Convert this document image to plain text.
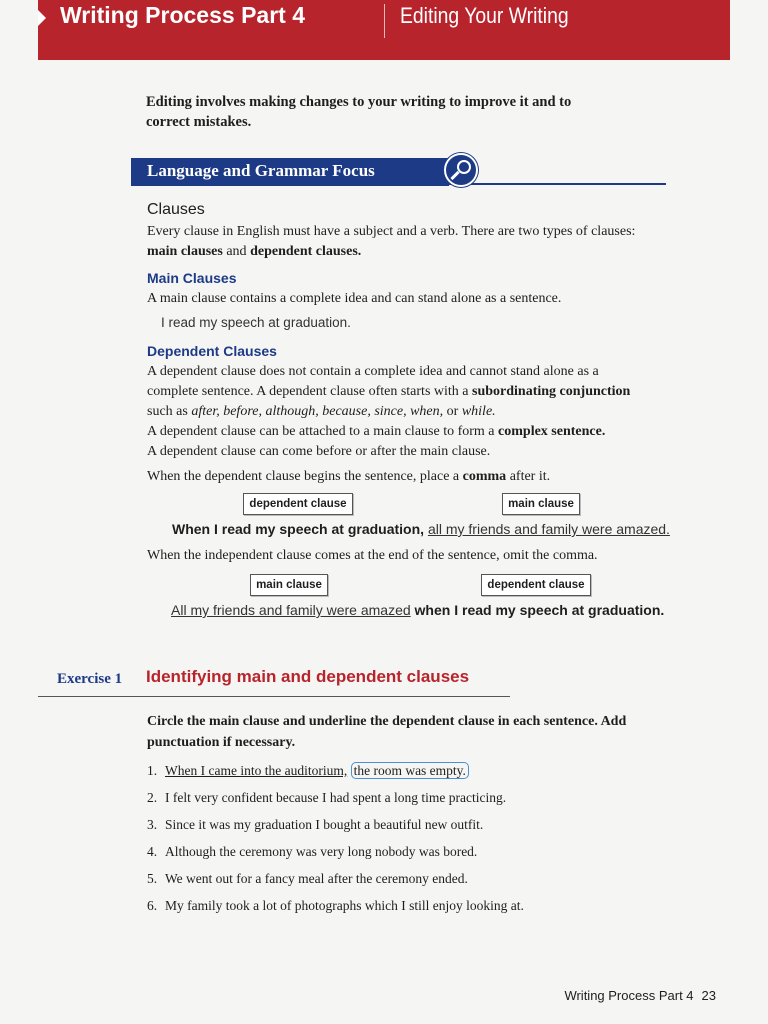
Writing Process Part 4	Editing Your Writing
Editing involves making changes to your writing to improve it and to correct mistakes.
Language and Grammar Focus
Clauses
Every clause in English must have a subject and a verb. There are two types of clauses: main clauses and dependent clauses.
Main Clauses
A main clause contains a complete idea and can stand alone as a sentence.
I read my speech at graduation.
Dependent Clauses
A dependent clause does not contain a complete idea and cannot stand alone as a complete sentence. A dependent clause often starts with a subordinating conjunction such as after, before, although, because, since, when, or while.
A dependent clause can be attached to a main clause to form a complex sentence.
A dependent clause can come before or after the main clause.
When the dependent clause begins the sentence, place a comma after it.
dependent clause	main clause
When I read my speech at graduation, all my friends and family were amazed.
When the independent clause comes at the end of the sentence, omit the comma.
main clause	dependent clause
All my friends and family were amazed when I read my speech at graduation.
Exercise 1 Identifying main and dependent clauses
Circle the main clause and underline the dependent clause in each sentence. Add punctuation if necessary.
1. When I came into the auditorium, the room was empty.
2. I felt very confident because I had spent a long time practicing.
3. Since it was my graduation I bought a beautiful new outfit.
4. Although the ceremony was very long nobody was bored.
5. We went out for a fancy meal after the ceremony ended.
6. My family took a lot of photographs which I still enjoy looking at.
Writing Process Part 4 23
